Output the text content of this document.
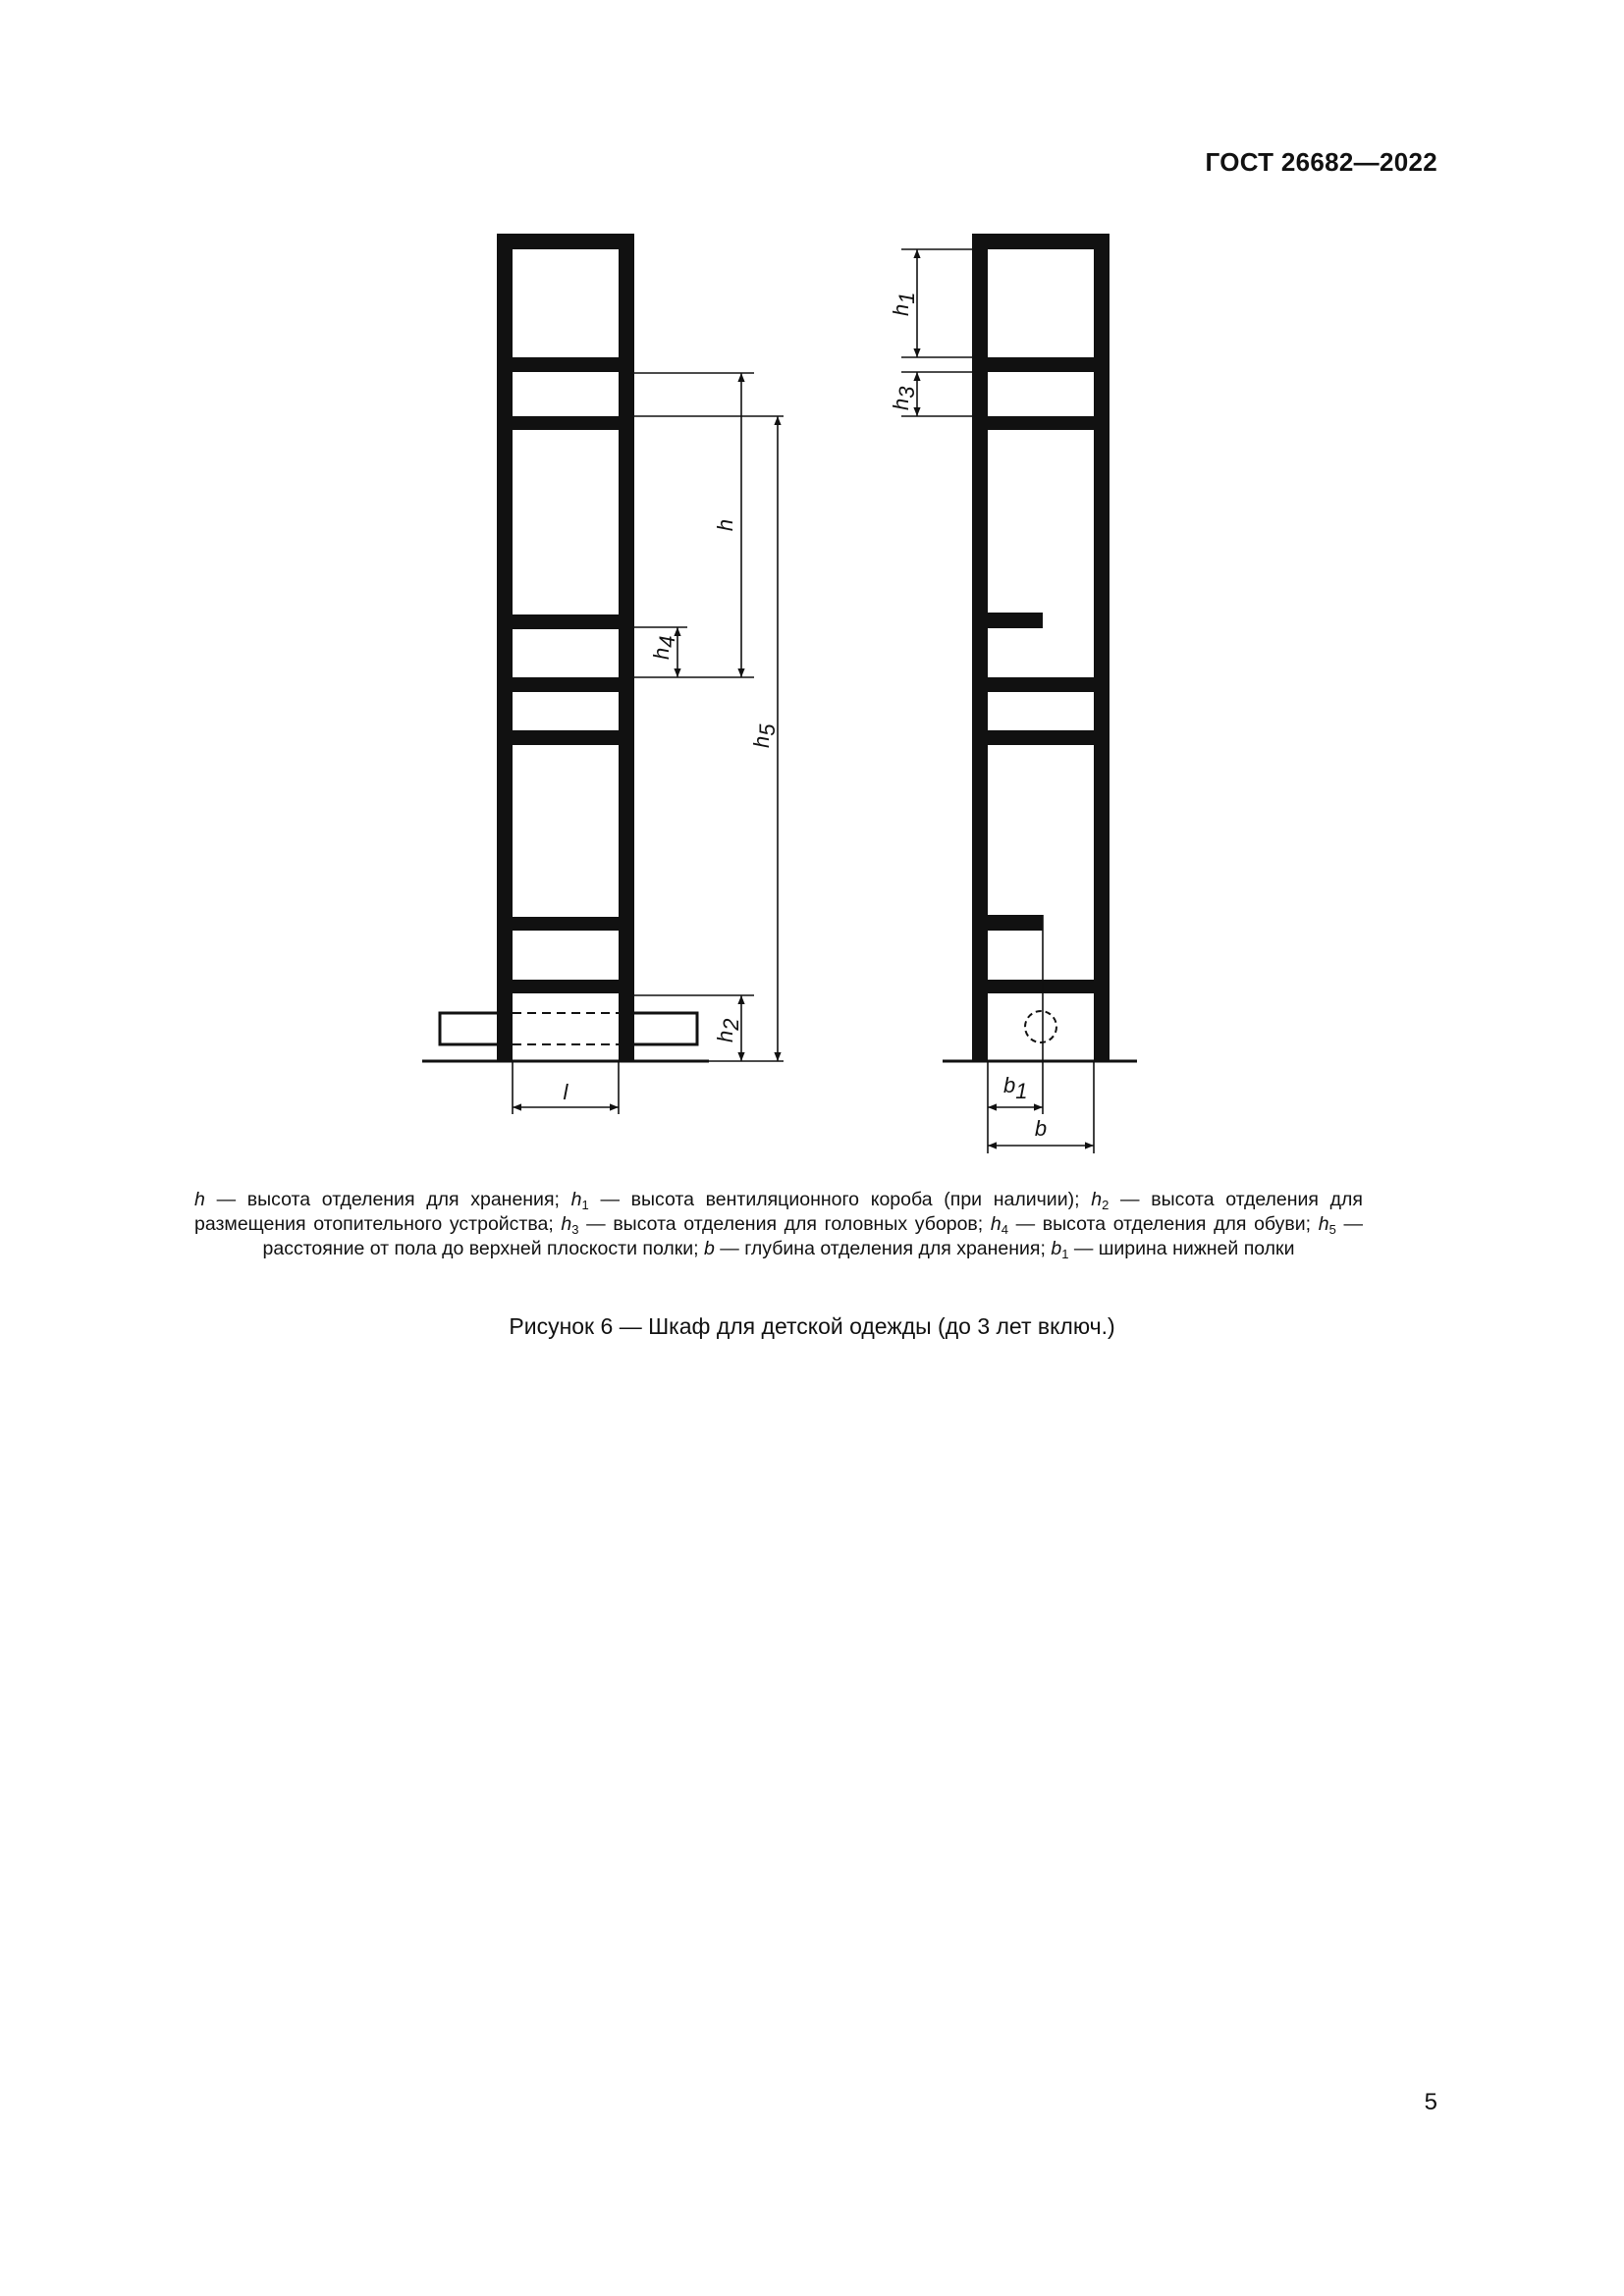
ГОСТ 26682—2022
h
h4
h5
h2
l
h1
h3
b1
b
h — высота отделения для хранения; $h_1$ — высота вентиляционного короба (при наличии); $h_2$ — высота отделения для размещения отопительного устройства; $h_3$ — высота отделения для головных уборов; $h_4$ — высота отделения для обуви; $h_5$ — расстояние от пола до верхней плоскости полки; b — глубина отделения для хранения; $b_1$ — ширина нижней полки
Рисунок 6 — Шкаф для детской одежды (до 3 лет включ.)
5
